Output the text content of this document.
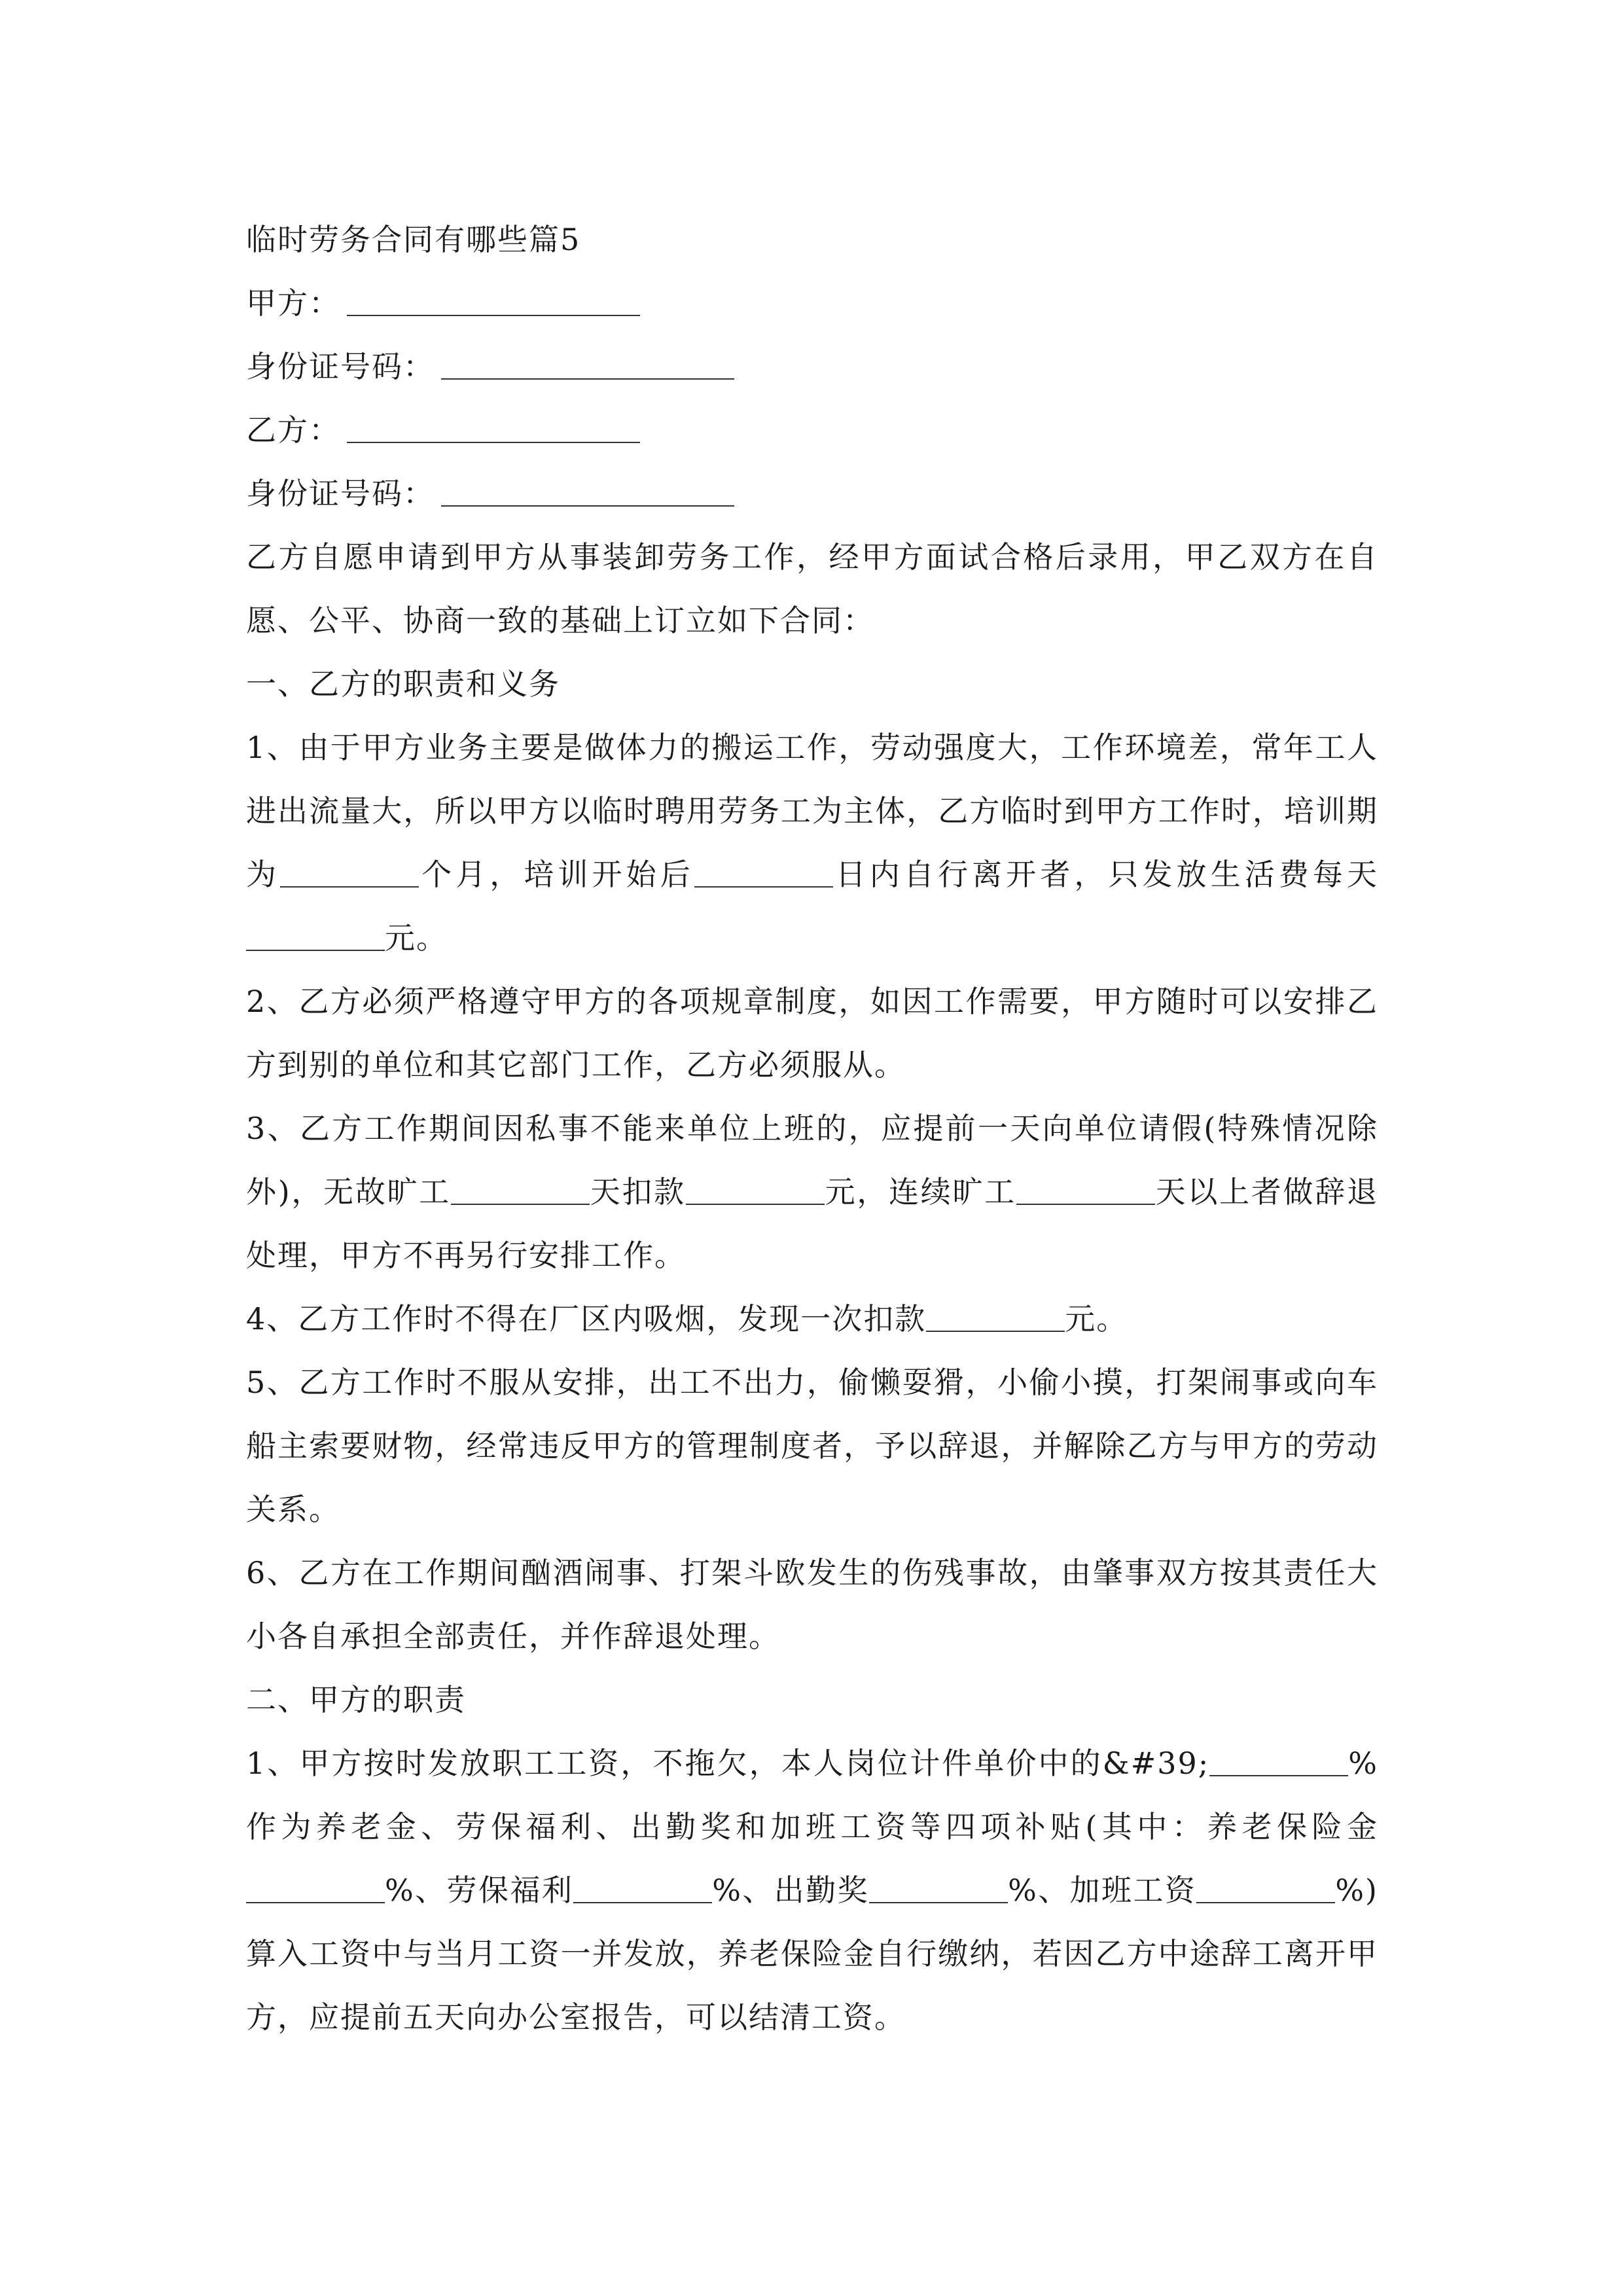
临时劳务合同有哪些篇5

甲方：

身份证号码：

乙方：

身份证号码：

乙方自愿申请到甲方从事装卸劳务工作，经甲方面试合格后录用，甲乙双方在自愿、公平、协商一致的基础上订立如下合同：

一、乙方的职责和义务

1、由于甲方业务主要是做体力的搬运工作，劳动强度大，工作环境差，常年工人进出流量大，所以甲方以临时聘用劳务工为主体，乙方临时到甲方工作时，培训期为	个月，培训开始后	日内自行离开者，只发放生活费每天元。

2、乙方必须严格遵守甲方的各项规章制度，如因工作需要，甲方随时可以安排乙方到别的单位和其它部门工作，乙方必须服从。

3、乙方工作期间因私事不能来单位上班的，应提前一天向单位请假(特殊情况除外)，无故旷工	天扣款	元，连续旷工	天以上者做辞退处理，甲方不再另行安排工作。

4、乙方工作时不得在厂区内吸烟，发现一次扣款	元。

5、乙方工作时不服从安排，出工不出力，偷懒耍猾，小偷小摸，打架闹事或向车船主索要财物，经常违反甲方的管理制度者，予以辞退，并解除乙方与甲方的劳动关系。

6、乙方在工作期间酗酒闹事、打架斗欧发生的伤残事故，由肇事双方按其责任大小各自承担全部责任，并作辞退处理。

二、甲方的职责

1、甲方按时发放职工工资，不拖欠，本人岗位计件单价中的&#39;	%作为养老金、劳保福利、出勤奖和加班工资等四项补贴(其中：养老保险金%、劳保福利	%、出勤奖	%、加班工资	%)算入工资中与当月工资一并发放，养老保险金自行缴纳，若因乙方中途辞工离开甲方，应提前五天向办公室报告，可以结清工资。
